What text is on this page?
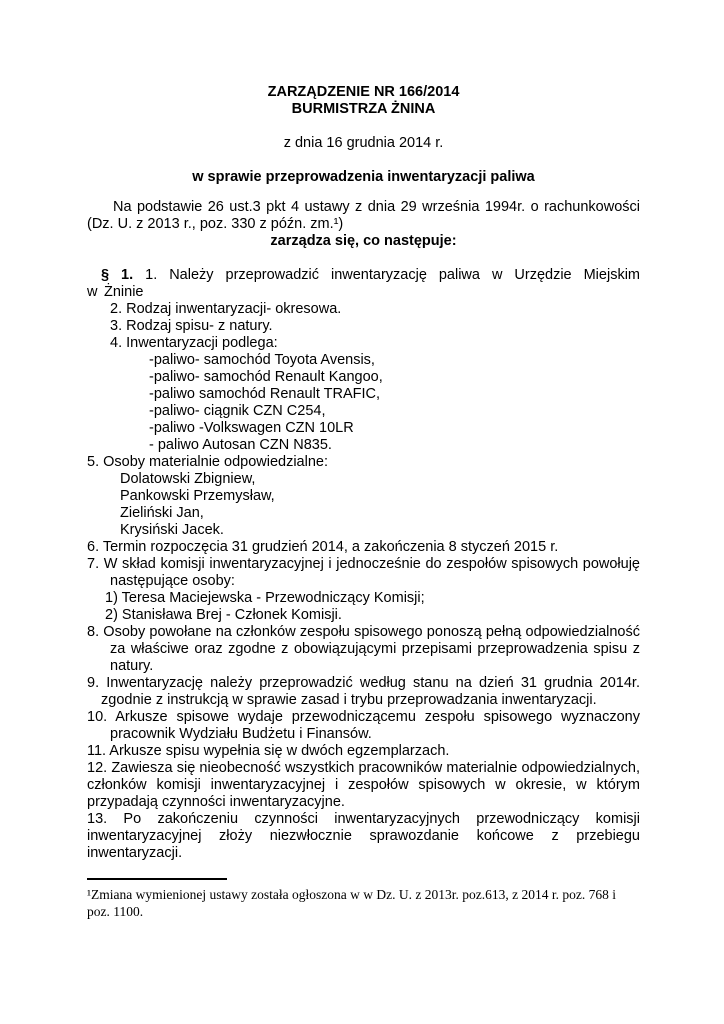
ZARZĄDZENIE NR 166/2014

BURMISTRZA ŻNINA

z dnia 16 grudnia 2014 r.

w sprawie przeprowadzenia inwentaryzacji paliwa

Na podstawie 26 ust.3 pkt 4 ustawy z dnia 29 września 1994r. o rachunkowości (Dz. U. z 2013 r., poz. 330 z późn. zm.¹)

zarządza się, co następuje:

§ 1. 1. Należy przeprowadzić inwentaryzację paliwa w Urzędzie Miejskim w Żninie

2. Rodzaj inwentaryzacji- okresowa.

3. Rodzaj spisu- z natury.

4. Inwentaryzacji podlega:

-paliwo- samochód Toyota Avensis,

-paliwo- samochód Renault Kangoo,

-paliwo samochód Renault TRAFIC,

-paliwo- ciągnik CZN C254,

-paliwo -Volkswagen CZN 10LR

- paliwo Autosan CZN N835.

5. Osoby materialnie odpowiedzialne:

Dolatowski Zbigniew,

Pankowski Przemysław,

Zieliński Jan,

Krysiński Jacek.

6. Termin rozpoczęcia 31 grudzień 2014, a zakończenia 8 styczeń 2015 r.

7. W skład komisji inwentaryzacyjnej i jednocześnie do zespołów spisowych powołuję następujące osoby:

1) Teresa Maciejewska - Przewodniczący Komisji;

2) Stanisława Brej - Członek Komisji.

8. Osoby powołane na członków zespołu spisowego ponoszą pełną odpowiedzialność za właściwe oraz zgodne z obowiązującymi przepisami przeprowadzenia spisu z natury.

9. Inwentaryzację należy przeprowadzić według stanu na dzień 31 grudnia 2014r. zgodnie z instrukcją w sprawie zasad i trybu przeprowadzania inwentaryzacji.

10. Arkusze spisowe wydaje przewodniczącemu zespołu spisowego wyznaczony pracownik Wydziału Budżetu i Finansów.

11. Arkusze spisu wypełnia się w dwóch egzemplarzach.

12. Zawiesza się nieobecność wszystkich pracowników materialnie odpowiedzialnych, członków komisji inwentaryzacyjnej i zespołów spisowych w okresie, w którym przypadają czynności inwentaryzacyjne.

13. Po zakończeniu czynności inwentaryzacyjnych przewodniczący komisji inwentaryzacyjnej złoży niezwłocznie sprawozdanie końcowe z przebiegu inwentaryzacji.

¹Zmiana wymienionej ustawy została ogłoszona w w Dz. U. z 2013r. poz.613, z 2014 r. poz. 768 i poz. 1100.
